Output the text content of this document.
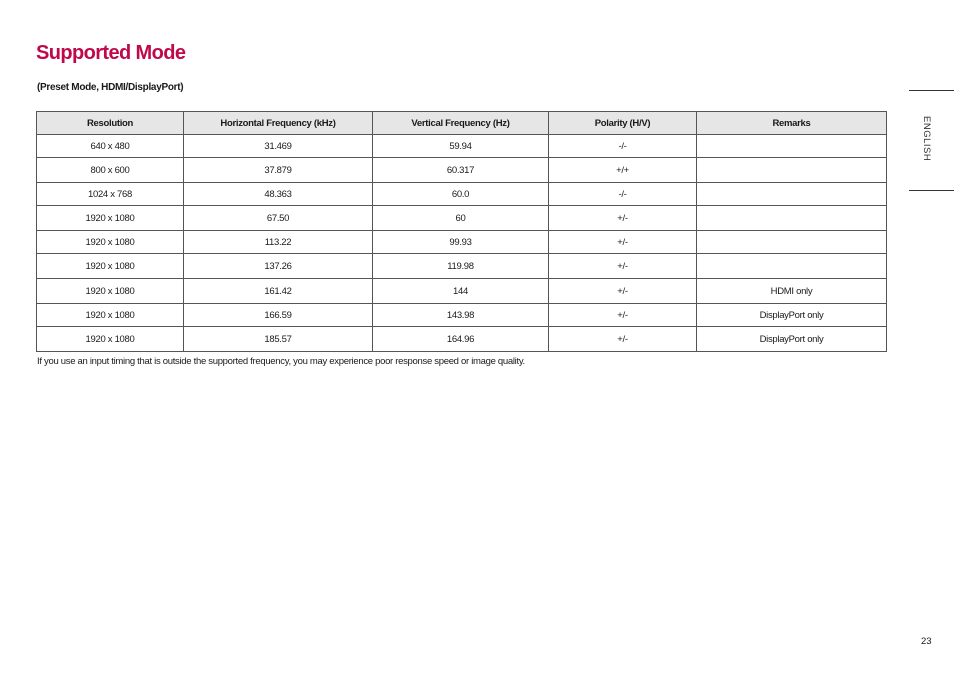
Supported Mode
(Preset Mode, HDMI/DisplayPort)
Resolution	Horizontal Frequency (kHz)	Vertical Frequency (Hz)	Polarity (H/V)	Remarks
640 x 480	31.469	59.94	-/-	
800 x 600	37.879	60.317	+/+	
1024 x 768	48.363	60.0	-/-	
1920 x 1080	67.50	60	+/-	
1920 x 1080	113.22	99.93	+/-	
1920 x 1080	137.26	119.98	+/-	
1920 x 1080	161.42	144	+/-	HDMI only
1920 x 1080	166.59	143.98	+/-	DisplayPort only
1920 x 1080	185.57	164.96	+/-	DisplayPort only
If you use an input timing that is outside the supported frequency, you may experience poor response speed or image quality.
ENGLISH
23
